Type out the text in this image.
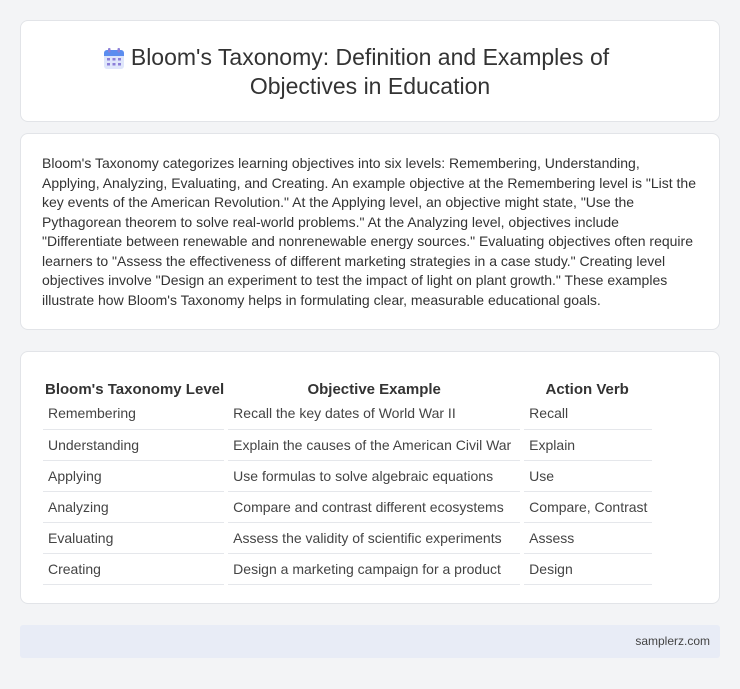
Bloom's Taxonomy: Definition and Examples of
Objectives in Education

Bloom's Taxonomy categorizes learning objectives into six levels: Remembering, Understanding, Applying, Analyzing, Evaluating, and Creating. An example objective at the Remembering level is "List the key events of the American Revolution." At the Applying level, an objective might state, "Use the Pythagorean theorem to solve real-world problems." At the Analyzing level, objectives include "Differentiate between renewable and nonrenewable energy sources." Evaluating objectives often require learners to "Assess the effectiveness of different marketing strategies in a case study." Creating level objectives involve "Design an experiment to test the impact of light on plant growth." These examples illustrate how Bloom's Taxonomy helps in formulating clear, measurable educational goals.

Bloom's Taxonomy Level	Objective Example	Action Verb
Remembering	Recall the key dates of World War II	Recall
Understanding	Explain the causes of the American Civil War	Explain
Applying	Use formulas to solve algebraic equations	Use
Analyzing	Compare and contrast different ecosystems	Compare, Contrast
Evaluating	Assess the validity of scientific experiments	Assess
Creating	Design a marketing campaign for a product	Design
samplerz.com
